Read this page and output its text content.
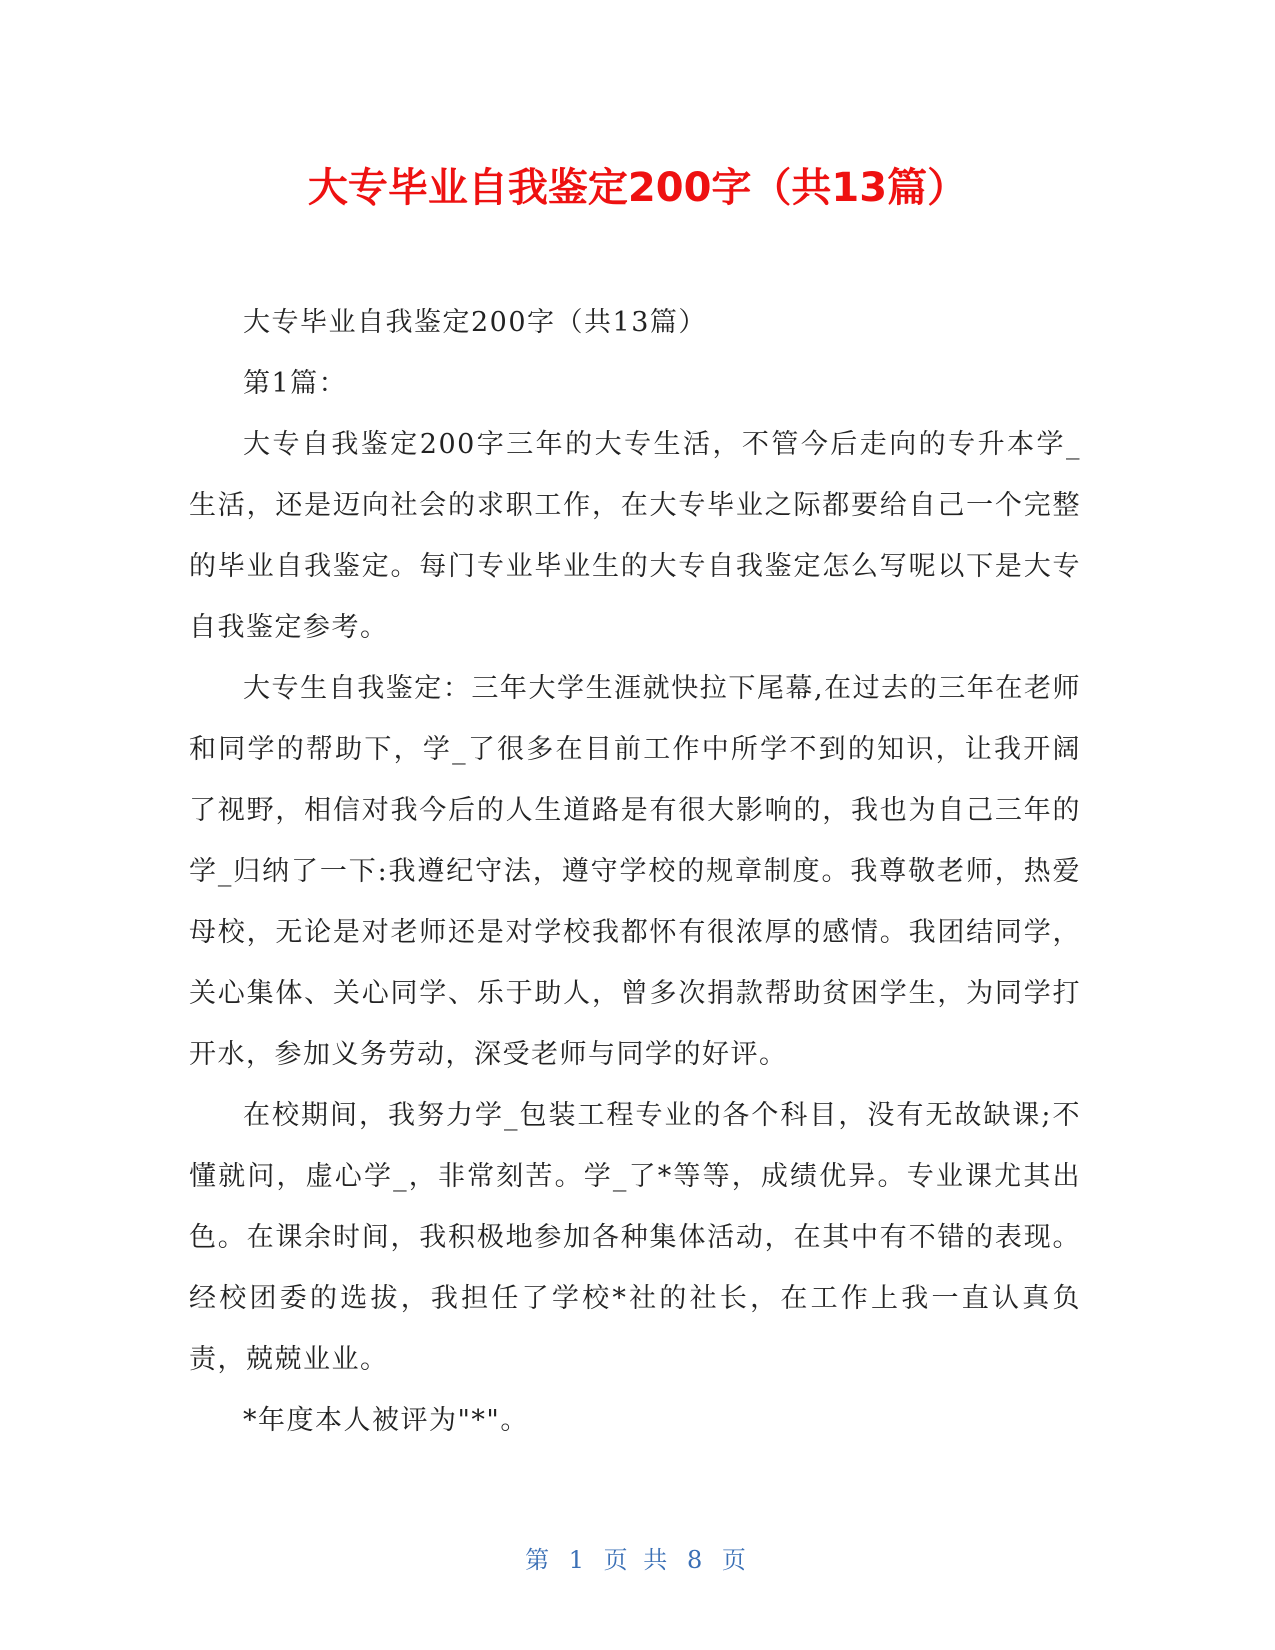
大专毕业自我鉴定200字（共13篇）

大专毕业自我鉴定200字（共13篇）

第1篇：

大专自我鉴定200字三年的大专生活，不管今后走向的专升本学_生活，还是迈向社会的求职工作，在大专毕业之际都要给自己一个完整的毕业自我鉴定。每门专业毕业生的大专自我鉴定怎么写呢以下是大专自我鉴定参考。

大专生自我鉴定：三年大学生涯就快拉下尾幕,在过去的三年在老师和同学的帮助下，学_了很多在目前工作中所学不到的知识，让我开阔了视野，相信对我今后的人生道路是有很大影响的，我也为自己三年的学_归纳了一下:我遵纪守法，遵守学校的规章制度。我尊敬老师，热爱母校，无论是对老师还是对学校我都怀有很浓厚的感情。我团结同学，关心集体、关心同学、乐于助人，曾多次捐款帮助贫困学生，为同学打开水，参加义务劳动，深受老师与同学的好评。

在校期间，我努力学_包装工程专业的各个科目，没有无故缺课;不懂就问，虚心学_，非常刻苦。学_了*等等，成绩优异。专业课尤其出色。在课余时间，我积极地参加各种集体活动，在其中有不错的表现。经校团委的选拔，我担任了学校*社的社长，在工作上我一直认真负责，兢兢业业。

*年度本人被评为"*"。

第 1 页 共 8 页
